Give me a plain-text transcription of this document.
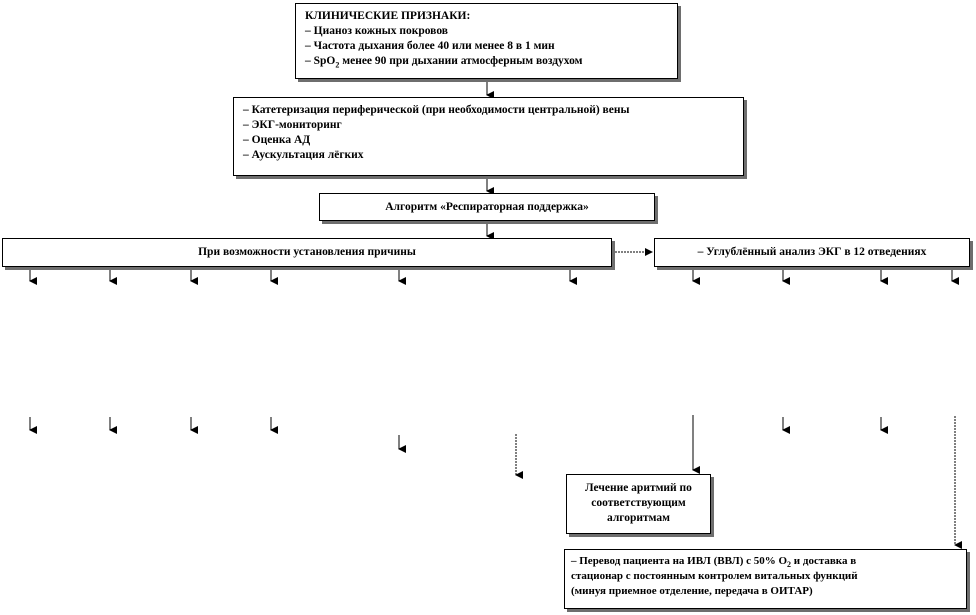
КЛИНИЧЕСКИЕ ПРИЗНАКИ:
– Цианоз кожных покровов
– Частота дыхания более 40 или менее 8 в 1 мин
– SpO$_2$ менее 90 при дыхании атмосферным воздухом
– Катетеризация периферической (при необходимости центральной) вены
– ЭКГ-мониторинг
– Оценка АД
– Аускультация лёгких
Алгоритм «Респираторная поддержка»
При возможности установления причины	– Углублённый анализ ЭКГ в 12 отведениях
Лечение аритмий по
соответствующим
алгоритмам
– Перевод пациента на ИВЛ (ВВЛ) с 50% $O_2$ и доставка в
стационар с постоянным контролем витальных функций
(минуя приемное отделение, передача в ОИТАР)
